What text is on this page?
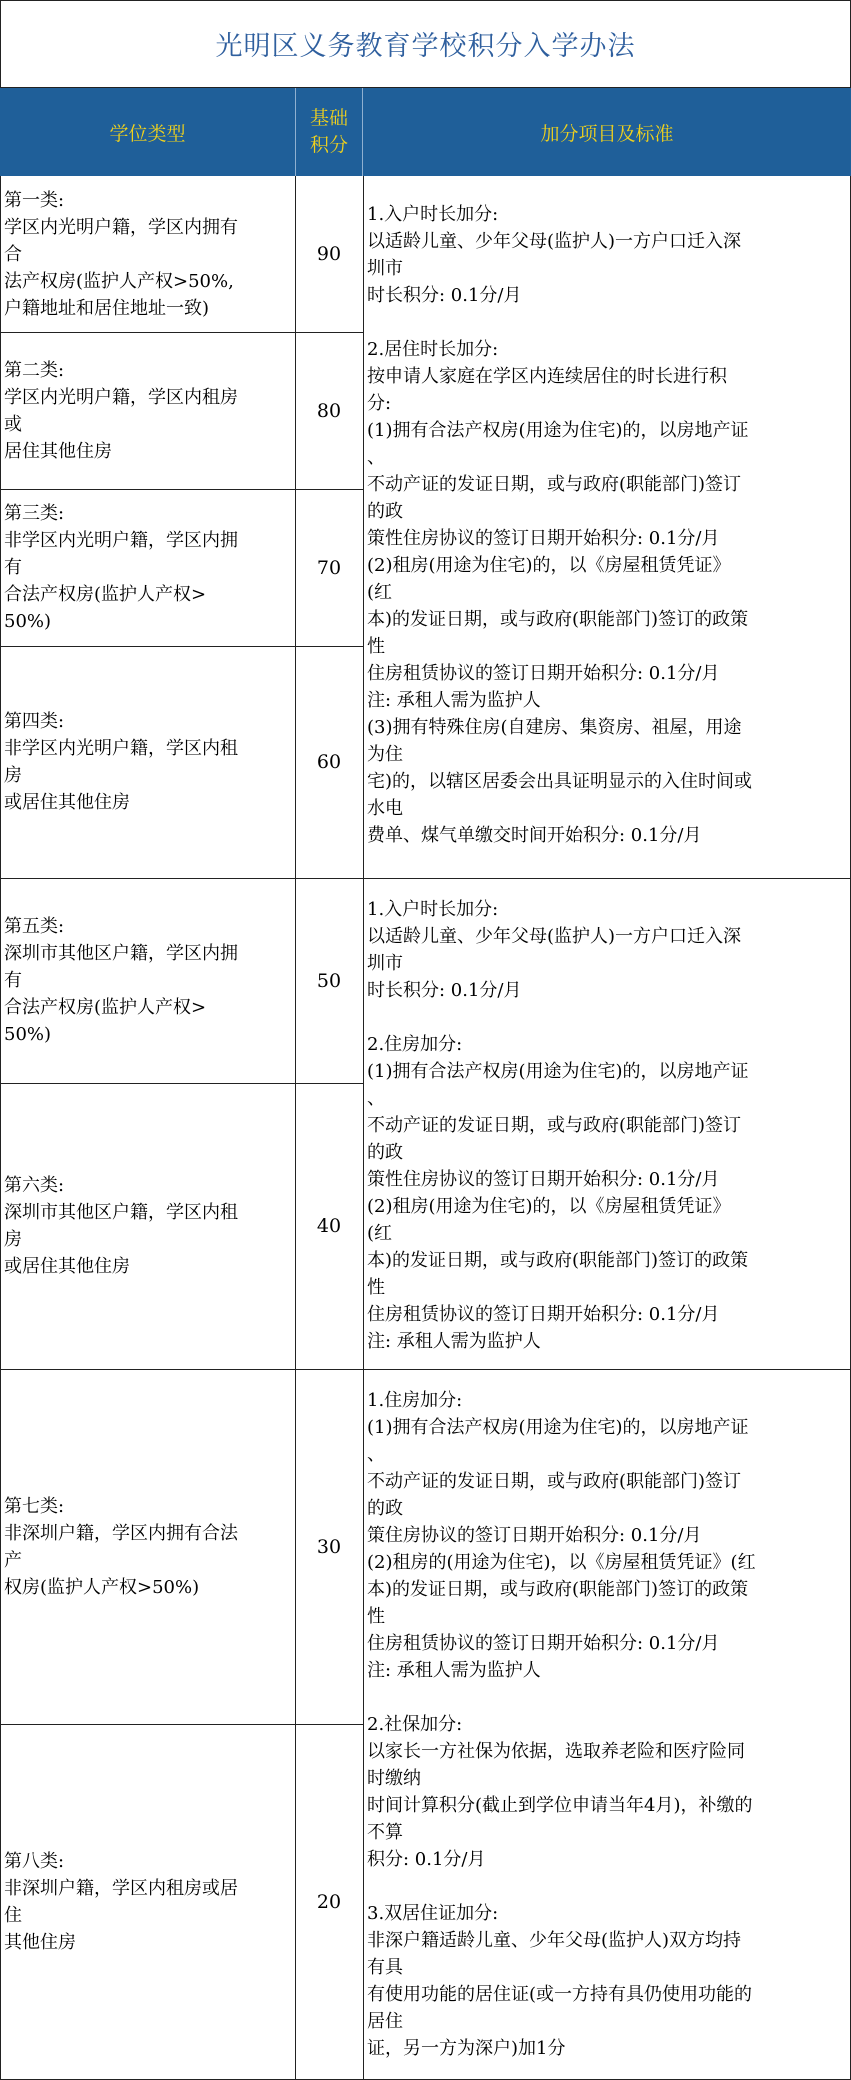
光明区义务教育学校积分入学办法
学位类型
基础
积分
加分项目及标准
第一类:
学区内光明户籍，学区内拥有
合
法产权房(监护人产权>50%,
户籍地址和居住地址一致)
90
第二类:
学区内光明户籍，学区内租房
或
居住其他住房
80
第三类:
非学区内光明户籍，学区内拥
有
合法产权房(监护人产权>
50%)
70
第四类:
非学区内光明户籍，学区内租
房
或居住其他住房
60
第五类:
深圳市其他区户籍，学区内拥
有
合法产权房(监护人产权>
50%)
50
第六类:
深圳市其他区户籍，学区内租
房
或居住其他住房
40
第七类:
非深圳户籍，学区内拥有合法
产
权房(监护人产权>50%)
30
第八类:
非深圳户籍，学区内租房或居
住
其他住房
20
1.入户时长加分:
以适龄儿童、少年父母(监护人)一方户口迁入深
圳市
时长积分: 0.1分/月

2.居住时长加分:
按申请人家庭在学区内连续居住的时长进行积
分:
(1)拥有合法产权房(用途为住宅)的，以房地产证
、
不动产证的发证日期，或与政府(职能部门)签订
的政
策性住房协议的签订日期开始积分: 0.1分/月
(2)租房(用途为住宅)的，以《房屋租赁凭证》
(红
本)的发证日期，或与政府(职能部门)签订的政策
性
住房租赁协议的签订日期开始积分: 0.1分/月
注: 承租人需为监护人
(3)拥有特殊住房(自建房、集资房、祖屋，用途
为住
宅)的，以辖区居委会出具证明显示的入住时间或
水电
费单、煤气单缴交时间开始积分: 0.1分/月
1.入户时长加分:
以适龄儿童、少年父母(监护人)一方户口迁入深
圳市
时长积分: 0.1分/月

2.住房加分:
(1)拥有合法产权房(用途为住宅)的，以房地产证
、
不动产证的发证日期，或与政府(职能部门)签订
的政
策性住房协议的签订日期开始积分: 0.1分/月
(2)租房(用途为住宅)的，以《房屋租赁凭证》
(红
本)的发证日期，或与政府(职能部门)签订的政策
性
住房租赁协议的签订日期开始积分: 0.1分/月
注: 承租人需为监护人
1.住房加分:
(1)拥有合法产权房(用途为住宅)的，以房地产证
、
不动产证的发证日期，或与政府(职能部门)签订
的政
策住房协议的签订日期开始积分: 0.1分/月
(2)租房的(用途为住宅)，以《房屋租赁凭证》(红
本)的发证日期，或与政府(职能部门)签订的政策
性
住房租赁协议的签订日期开始积分: 0.1分/月
注: 承租人需为监护人

2.社保加分:
以家长一方社保为依据，选取养老险和医疗险同
时缴纳
时间计算积分(截止到学位申请当年4月)，补缴的
不算
积分: 0.1分/月

3.双居住证加分:
非深户籍适龄儿童、少年父母(监护人)双方均持
有具
有使用功能的居住证(或一方持有具仍使用功能的
居住
证，另一方为深户)加1分
